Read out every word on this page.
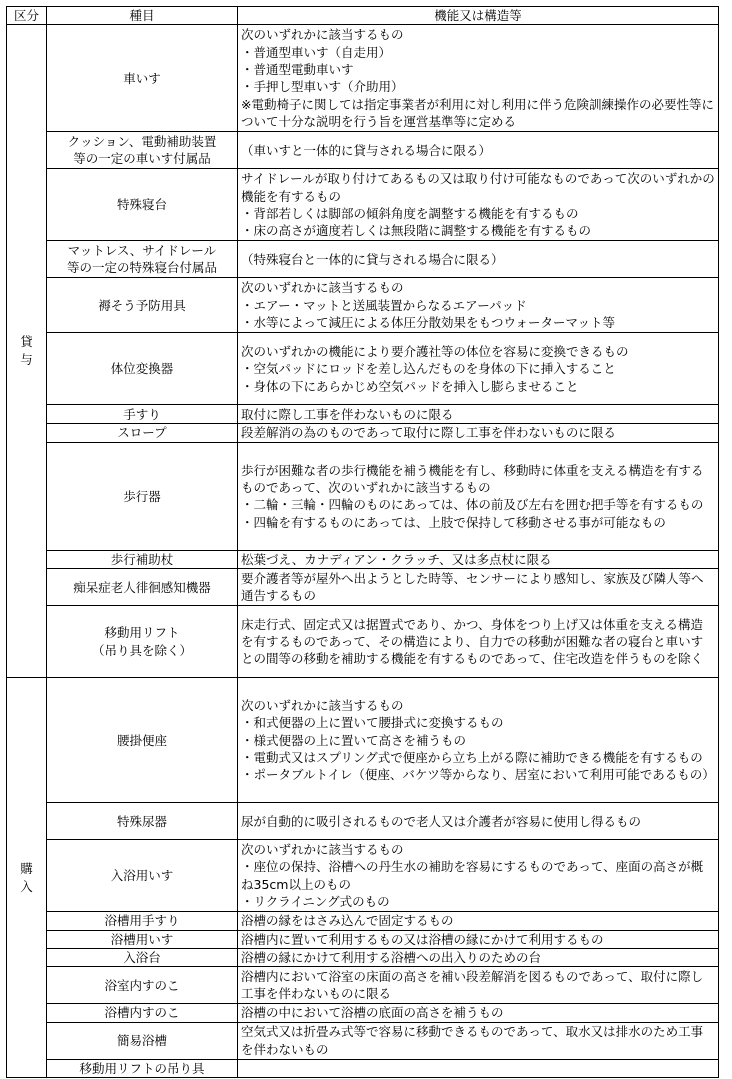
区分	種目	機能又は構造等

貸与	車いす	次のいずれかに該当するもの
・普通型車いす（自走用）
・普通型電動車いす
・手押し型車いす（介助用）
※電動椅子に関しては指定事業者が利用に対し利用に伴う危険訓練操作の必要性等について十分な説明を行う旨を運営基準等に定める

	クッション、電動補助装置
等の一定の車いす付属品	（車いすと一体的に貸与される場合に限る）

	特殊寝台	サイドレールが取り付けてあるもの又は取り付け可能なものであって次のいずれかの機能を有するもの
・背部若しくは脚部の傾斜角度を調整する機能を有するもの
・床の高さが適度若しくは無段階に調整する機能を有するもの

	マットレス、サイドレール
等の一定の特殊寝台付属品	（特殊寝台と一体的に貸与される場合に限る）

	褥そう予防用具	次のいずれかに該当するもの
・エアー・マットと送風装置からなるエアーパッド
・水等によって減圧による体圧分散効果をもつウォーターマット等

	体位変換器	次のいずれかの機能により要介護社等の体位を容易に変換できるもの
・空気パッドにロッドを差し込んだものを身体の下に挿入すること
・身体の下にあらかじめ空気パッドを挿入し膨らませること

	手すり	取付に際し工事を伴わないものに限る

	スロープ	段差解消の為のものであって取付に際し工事を伴わないものに限る

	歩行器	歩行が困難な者の歩行機能を補う機能を有し、移動時に体重を支える構造を有するものであって、次のいずれかに該当するもの
・二輪・三輪・四輪のものにあっては、体の前及び左右を囲む把手等を有するもの
・四輪を有するものにあっては、上肢で保持して移動させる事が可能なもの

	歩行補助杖	松葉づえ、カナディアン・クラッチ、又は多点杖に限る

	痴呆症老人徘徊感知機器	要介護者等が屋外へ出ようとした時等、センサーにより感知し、家族及び隣人等へ通告するもの

	移動用リフト
（吊り具を除く）	床走行式、固定式又は据置式であり、かつ、身体をつり上げ又は体重を支える構造を有するものであって、その構造により、自力での移動が困難な者の寝台と車いすとの間等の移動を補助する機能を有するものであって、住宅改造を伴うものを除く

購入	腰掛便座	次のいずれかに該当するもの
・和式便器の上に置いて腰掛式に変換するもの
・様式便器の上に置いて高さを補うもの
・電動式又はスプリング式で便座から立ち上がる際に補助できる機能を有するもの
・ポータブルトイレ（便座、バケツ等からなり、居室において利用可能であるもの）

	特殊尿器	尿が自動的に吸引されるもので老人又は介護者が容易に使用し得るもの

	入浴用いす	次のいずれかに該当するもの
・座位の保持、浴槽への丹生水の補助を容易にするものであって、座面の高さが概ね35cm以上のもの
・リクライニング式のもの

	浴槽用手すり	浴槽の縁をはさみ込んで固定するもの

	浴槽用いす	浴槽内に置いて利用するもの又は浴槽の縁にかけて利用するもの

	入浴台	浴槽の縁にかけて利用する浴槽への出入りのための台

	浴室内すのこ	浴槽内において浴室の床面の高さを補い段差解消を図るものであって、取付に際し工事を伴わないものに限る

	浴槽内すのこ	浴槽の中において浴槽の底面の高さを補うもの

	簡易浴槽	空気式又は折畳み式等で容易に移動できるものであって、取水又は排水のため工事を伴わないもの

	移動用リフトの吊り具	
